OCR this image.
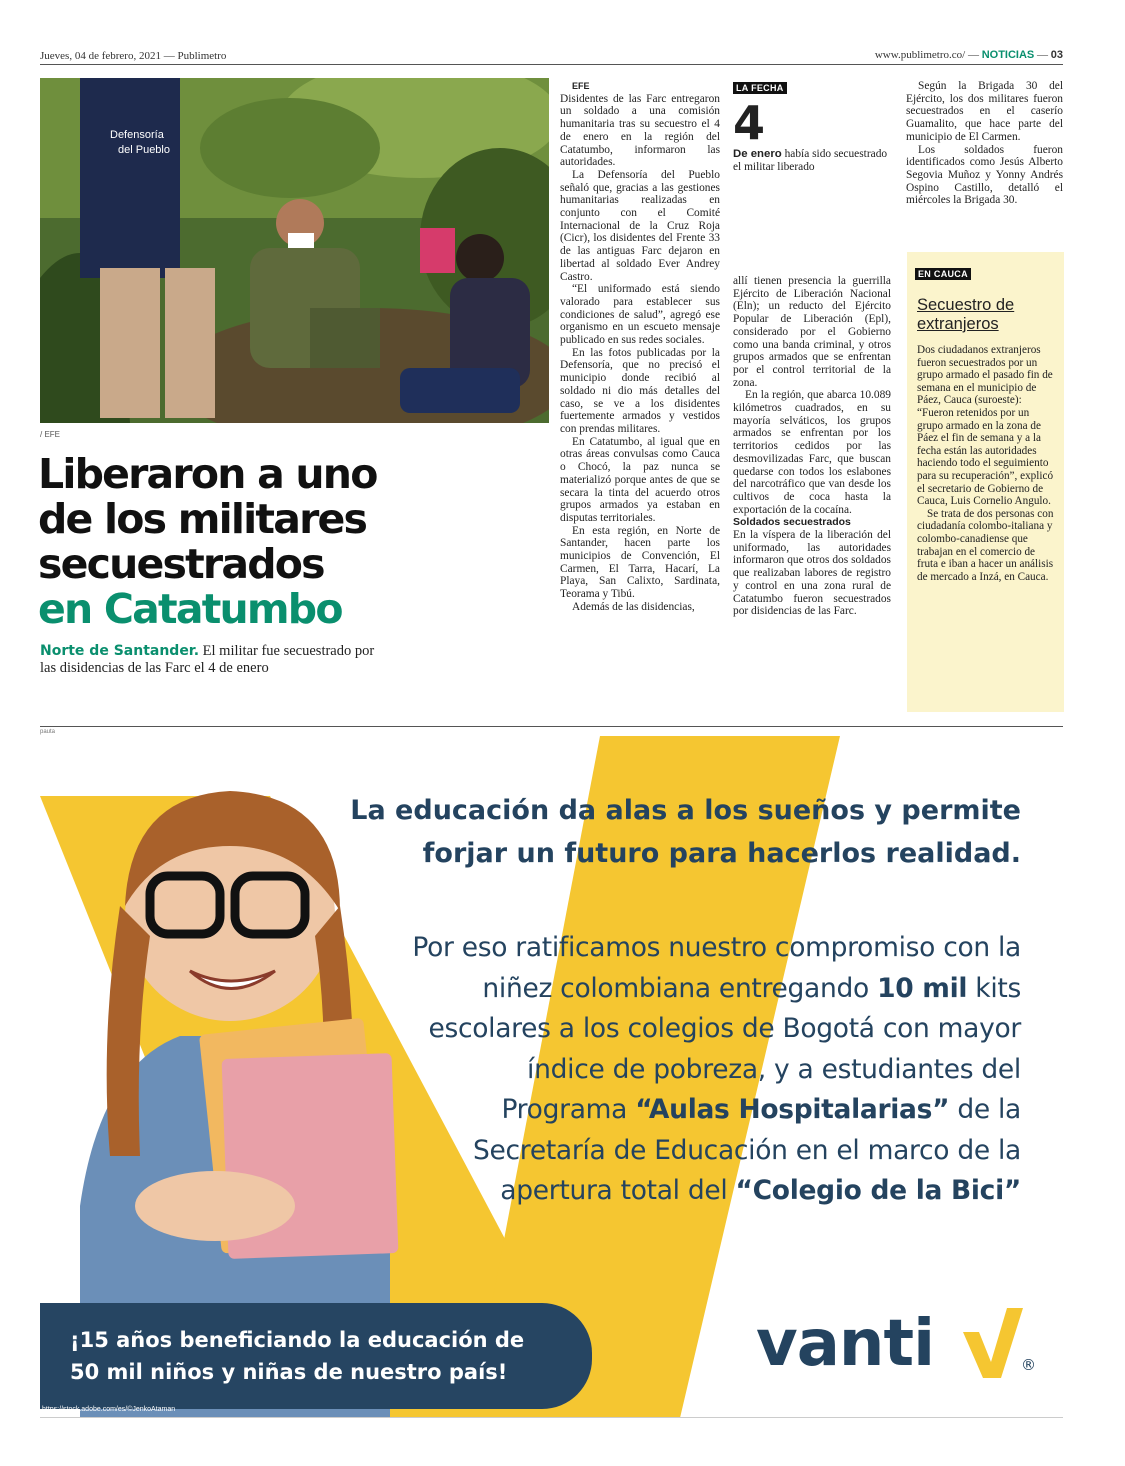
Jueves, 04 de febrero, 2021 — Publimetro	www.publimetro.co/ — NOTICIAS — 03
Defensoría
del Pueblo
/ EFE
Liberaron a uno
de los militares
secuestrados
en Catatumbo
Norte de Santander. El militar fue secuestrado por las disidencias de las Farc el 4 de enero

EFE

Disidentes de las Farc entregaron un soldado a una comisión humanitaria tras su secuestro el 4 de enero en la región del Catatumbo, informaron las autoridades.

La Defensoría del Pueblo señaló que, gracias a las gestiones humanitarias realizadas en conjunto con el Comité Internacional de la Cruz Roja (Cicr), los disidentes del Frente 33 de las antiguas Farc dejaron en libertad al soldado Ever Andrey Castro.

“El uniformado está siendo valorado para establecer sus condiciones de salud”, agregó ese organismo en un escueto mensaje publicado en sus redes sociales.

En las fotos publicadas por la Defensoría, que no precisó el municipio donde recibió al soldado ni dio más detalles del caso, se ve a los disidentes fuertemente armados y vestidos con prendas militares.

En Catatumbo, al igual que en otras áreas convulsas como Cauca o Chocó, la paz nunca se materializó porque antes de que se secara la tinta del acuerdo otros grupos armados ya estaban en disputas territoriales.

En esta región, en Norte de Santander, hacen parte los municipios de Convención, El Carmen, El Tarra, Hacarí, La Playa, San Calixto, Sardinata, Teorama y Tibú.

Además de las disidencias,

LA FECHA
4
De enero había sido secuestrado el militar liberado

allí tienen presencia la guerrilla Ejército de Liberación Nacional (Eln); un reducto del Ejército Popular de Liberación (Epl), considerado por el Gobierno como una banda criminal, y otros grupos armados que se enfrentan por el control territorial de la zona.

En la región, que abarca 10.089 kilómetros cuadrados, en su mayoría selváticos, los grupos armados se enfrentan por los territorios cedidos por las desmovilizadas Farc, que buscan quedarse con todos los eslabones del narcotráfico que van desde los cultivos de coca hasta la exportación de la cocaína.

Soldados secuestrados

En la víspera de la liberación del uniformado, las autoridades informaron que otros dos soldados que realizaban labores de registro y control en una zona rural de Catatumbo fueron secuestrados por disidencias de las Farc.

Según la Brigada 30 del Ejército, los dos militares fueron secuestrados en el caserío Guamalito, que hace parte del municipio de El Carmen.

Los soldados fueron identificados como Jesús Alberto Segovia Muñoz y Yonny Andrés Ospino Castillo, detalló el miércoles la Brigada 30.

EN CAUCA
Secuestro de extranjeros

Dos ciudadanos extranjeros fueron secuestrados por un grupo armado el pasado fin de semana en el municipio de Páez, Cauca (suroeste): “Fueron retenidos por un grupo armado en la zona de Páez el fin de semana y a la fecha están las autoridades haciendo todo el seguimiento para su recuperación”, explicó el secretario de Gobierno de Cauca, Luis Cornelio Angulo.

Se trata de dos personas con ciudadanía colombo-italiana y colombo-canadiense que trabajan en el comercio de fruta e iban a hacer un análisis de mercado a Inzá, en Cauca.

pauta
La educación da alas a los sueños y permite forjar un futuro para hacerlos realidad.
Por eso ratificamos nuestro compromiso con la niñez colombiana entregando 10 mil kits escolares a los colegios de Bogotá con mayor índice de pobreza, y a estudiantes del Programa “Aulas Hospitalarias” de la Secretaría de Educación en el marco de la apertura total del “Colegio de la Bici”
¡15 años beneficiando la educación de
50 mil niños y niñas de nuestro país!	vanti	®
https://stock.adobe.com/es/©JenkoAtaman
